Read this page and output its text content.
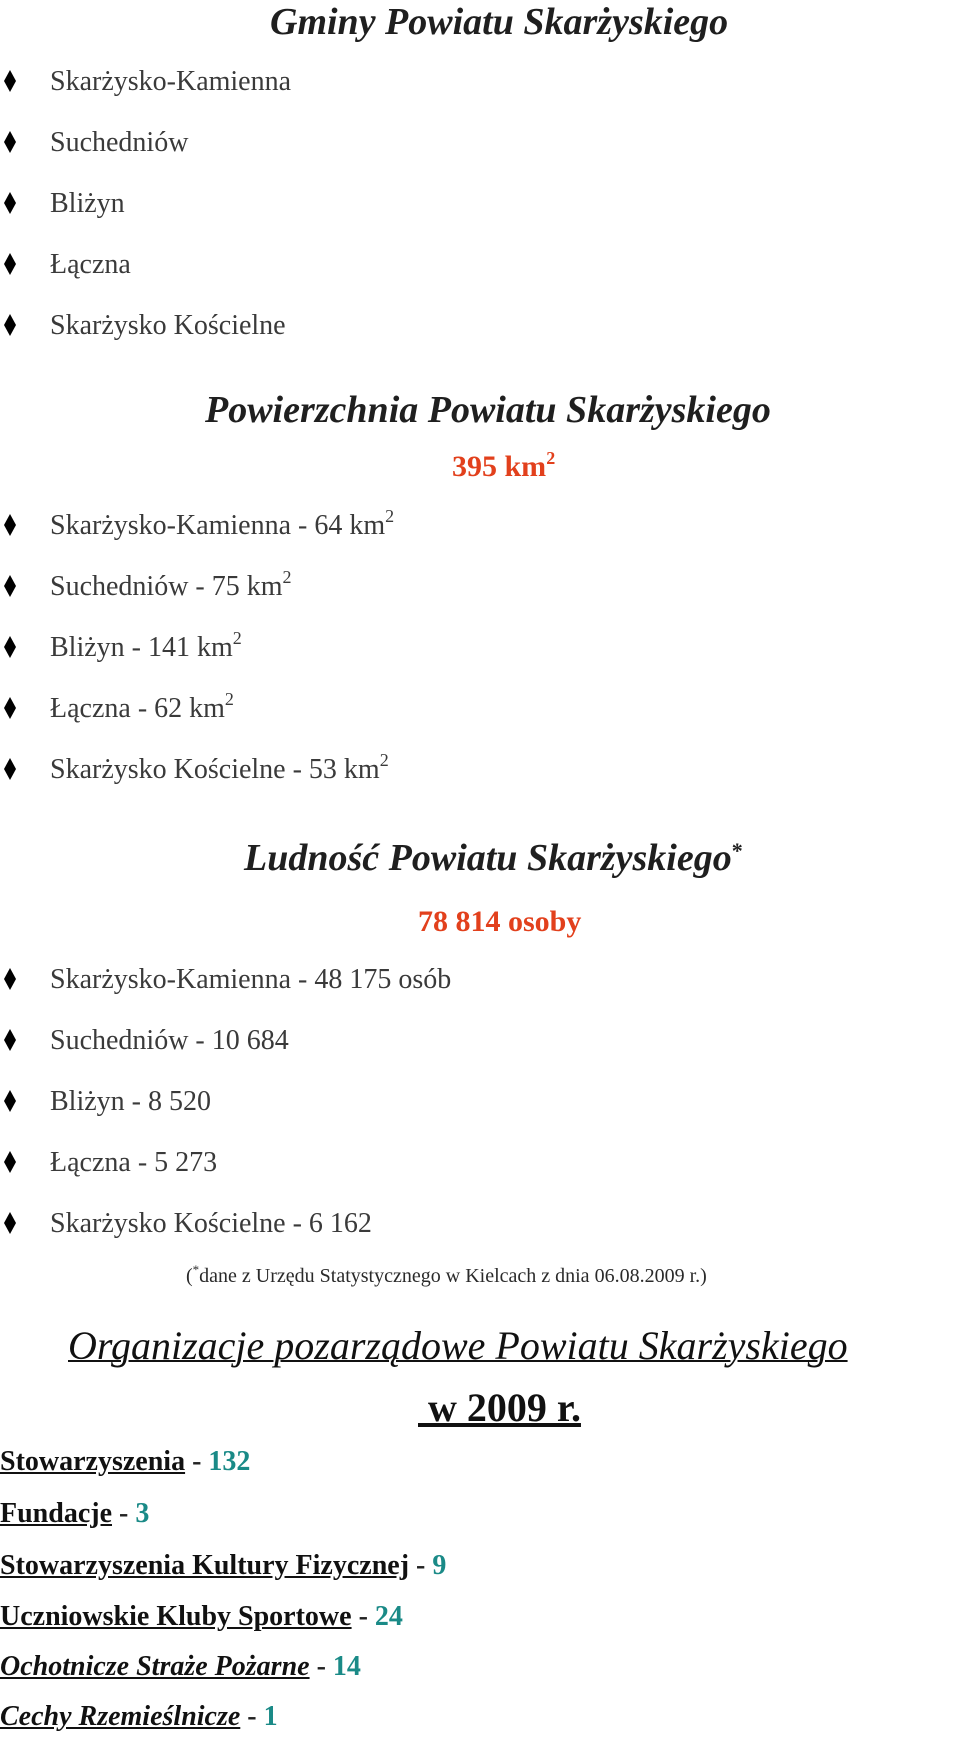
Gminy Powiatu Skarżyskiego
Skarżysko-Kamienna
Suchedniów
Bliżyn
Łączna
Skarżysko Kościelne
Powierzchnia Powiatu Skarżyskiego
395 $km^2$
Skarżysko-Kamienna - 64 $km^2$
Suchedniów - 75 $km^2$
Bliżyn - 141 $km^2$
Łączna - 62 $km^2$
Skarżysko Kościelne - 53 $km^2$
Ludność Powiatu Skarżyskiego*
78 814 osoby
Skarżysko-Kamienna - 48 175 osób
Suchedniów - 10 684
Bliżyn - 8 520
Łączna - 5 273
Skarżysko Kościelne - 6 162
(*dane z Urzędu Statystycznego w Kielcach z dnia 06.08.2009 r.)
Organizacje pozarządowe Powiatu Skarżyskiego
w 2009 r.
Stowarzyszenia - 132
Fundacje - 3
Stowarzyszenia Kultury Fizycznej - 9
Uczniowskie Kluby Sportowe - 24
Ochotnicze Straże Pożarne - 14
Cechy Rzemieślnicze - 1
